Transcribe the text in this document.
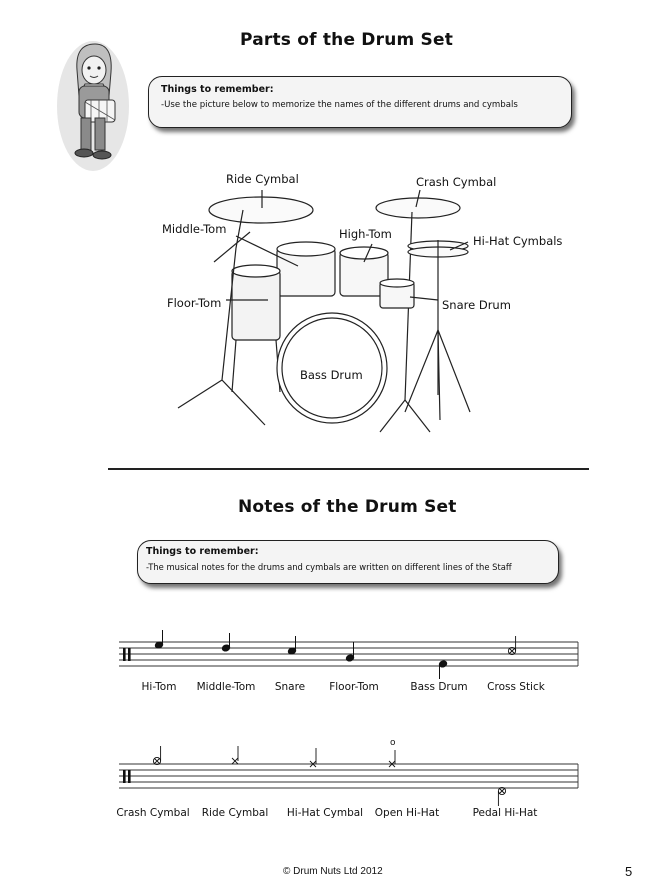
Parts of the Drum Set
Things to remember:
-Use the picture below to memorize the names of the different drums and cymbals
Ride Cymbal	Crash Cymbal
Middle-Tom	High-Tom	Hi-Hat Cymbals
Floor-Tom	Snare Drum
Bass Drum
Notes of the Drum Set
Things to remember:
-The musical notes for the drums and cymbals are written on different lines of the Staff
Hi-Tom Middle-Tom Snare Floor-Tom	Bass Drum Cross Stick
o
Crash Cymbal Ride Cymbal Hi-Hat Cymbal Open Hi-Hat	Pedal Hi-Hat
© Drum Nuts Ltd 2012	5
